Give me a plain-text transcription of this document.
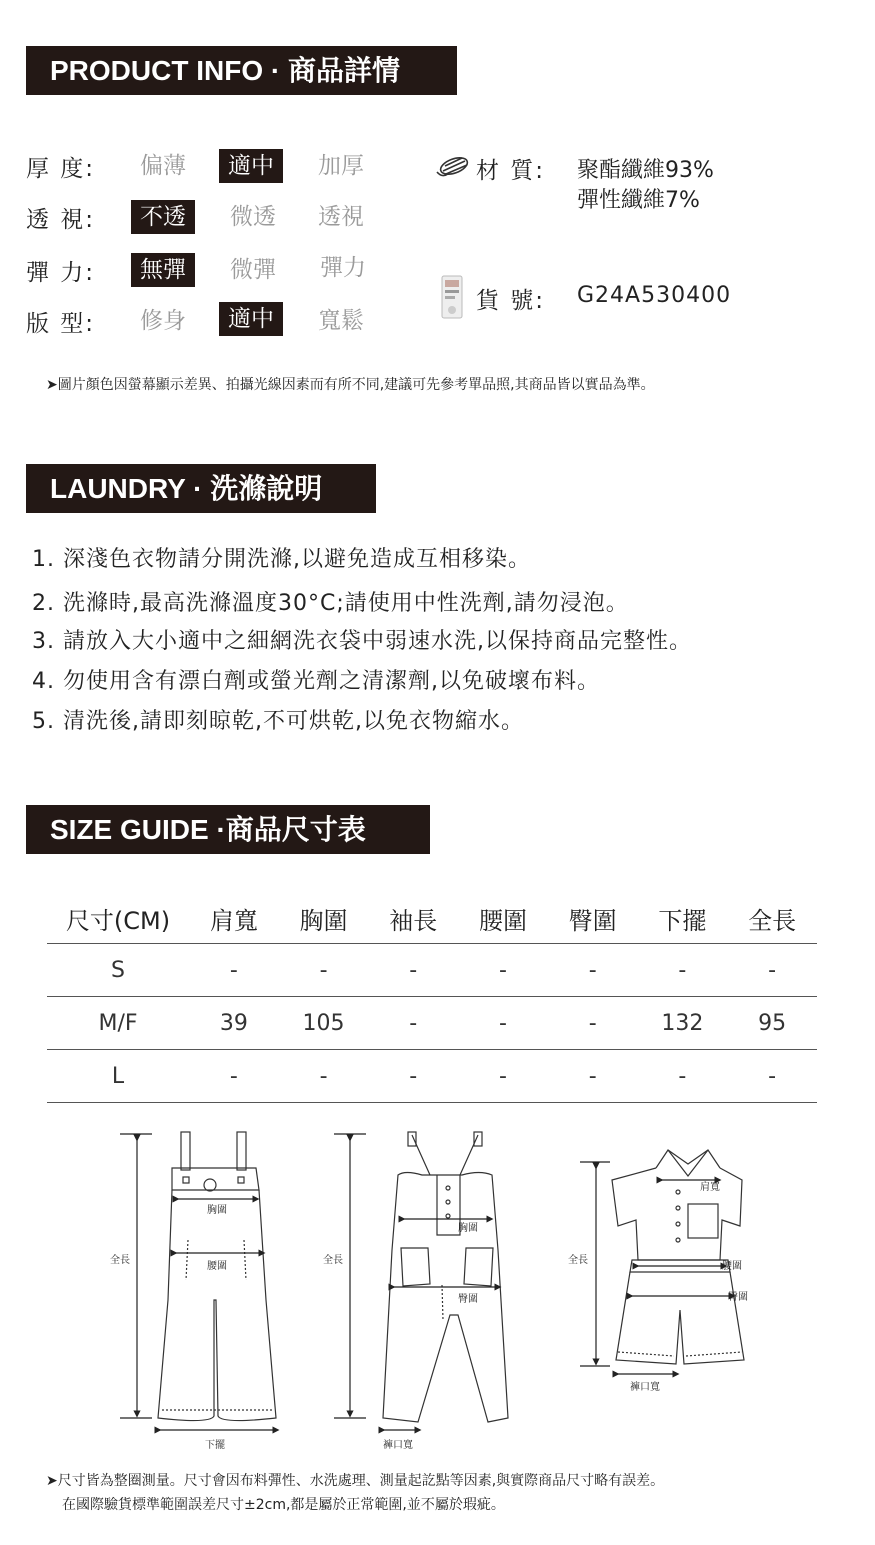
PRODUCT INFO · 商品詳情
厚 度: 偏薄	適中	加厚
透 視:	不透	微透 透視
彈 力:	無彈	微彈 彈力
版 型: 修身	適中	寬鬆
材 質: 聚酯纖維93%
彈性纖維7%
貨 號: G24A530400
➤圖片顏色因螢幕顯示差異、拍攝光線因素而有所不同,建議可先參考單品照,其商品皆以實品為準。
LAUNDRY · 洗滌說明
1. 深淺色衣物請分開洗滌,以避免造成互相移染。
2. 洗滌時,最高洗滌溫度30°C;請使用中性洗劑,請勿浸泡。
3. 請放入大小適中之細網洗衣袋中弱速水洗,以保持商品完整性。
4. 勿使用含有漂白劑或螢光劑之清潔劑,以免破壞布料。
5. 清洗後,請即刻晾乾,不可烘乾,以免衣物縮水。
SIZE GUIDE ·商品尺寸表
尺寸(CM)	肩寬	胸圍	袖長	腰圍	臀圍	下擺	全長
S	-	-	-	-	-	-	-
M/F	39	105	-	-	-	132	95
L	-	-	-	-	-	-	-
全長
胸圍
腰圍
下擺
全長
胸圍
臀圍
褲口寬
全長
肩寬
腰圍
臀圍
褲口寬
➤尺寸皆為整圈測量。尺寸會因布料彈性、水洗處理、測量起訖點等因素,與實際商品尺寸略有誤差。
在國際驗貨標準範圍誤差尺寸±2cm,都是屬於正常範圍,並不屬於瑕疵。
